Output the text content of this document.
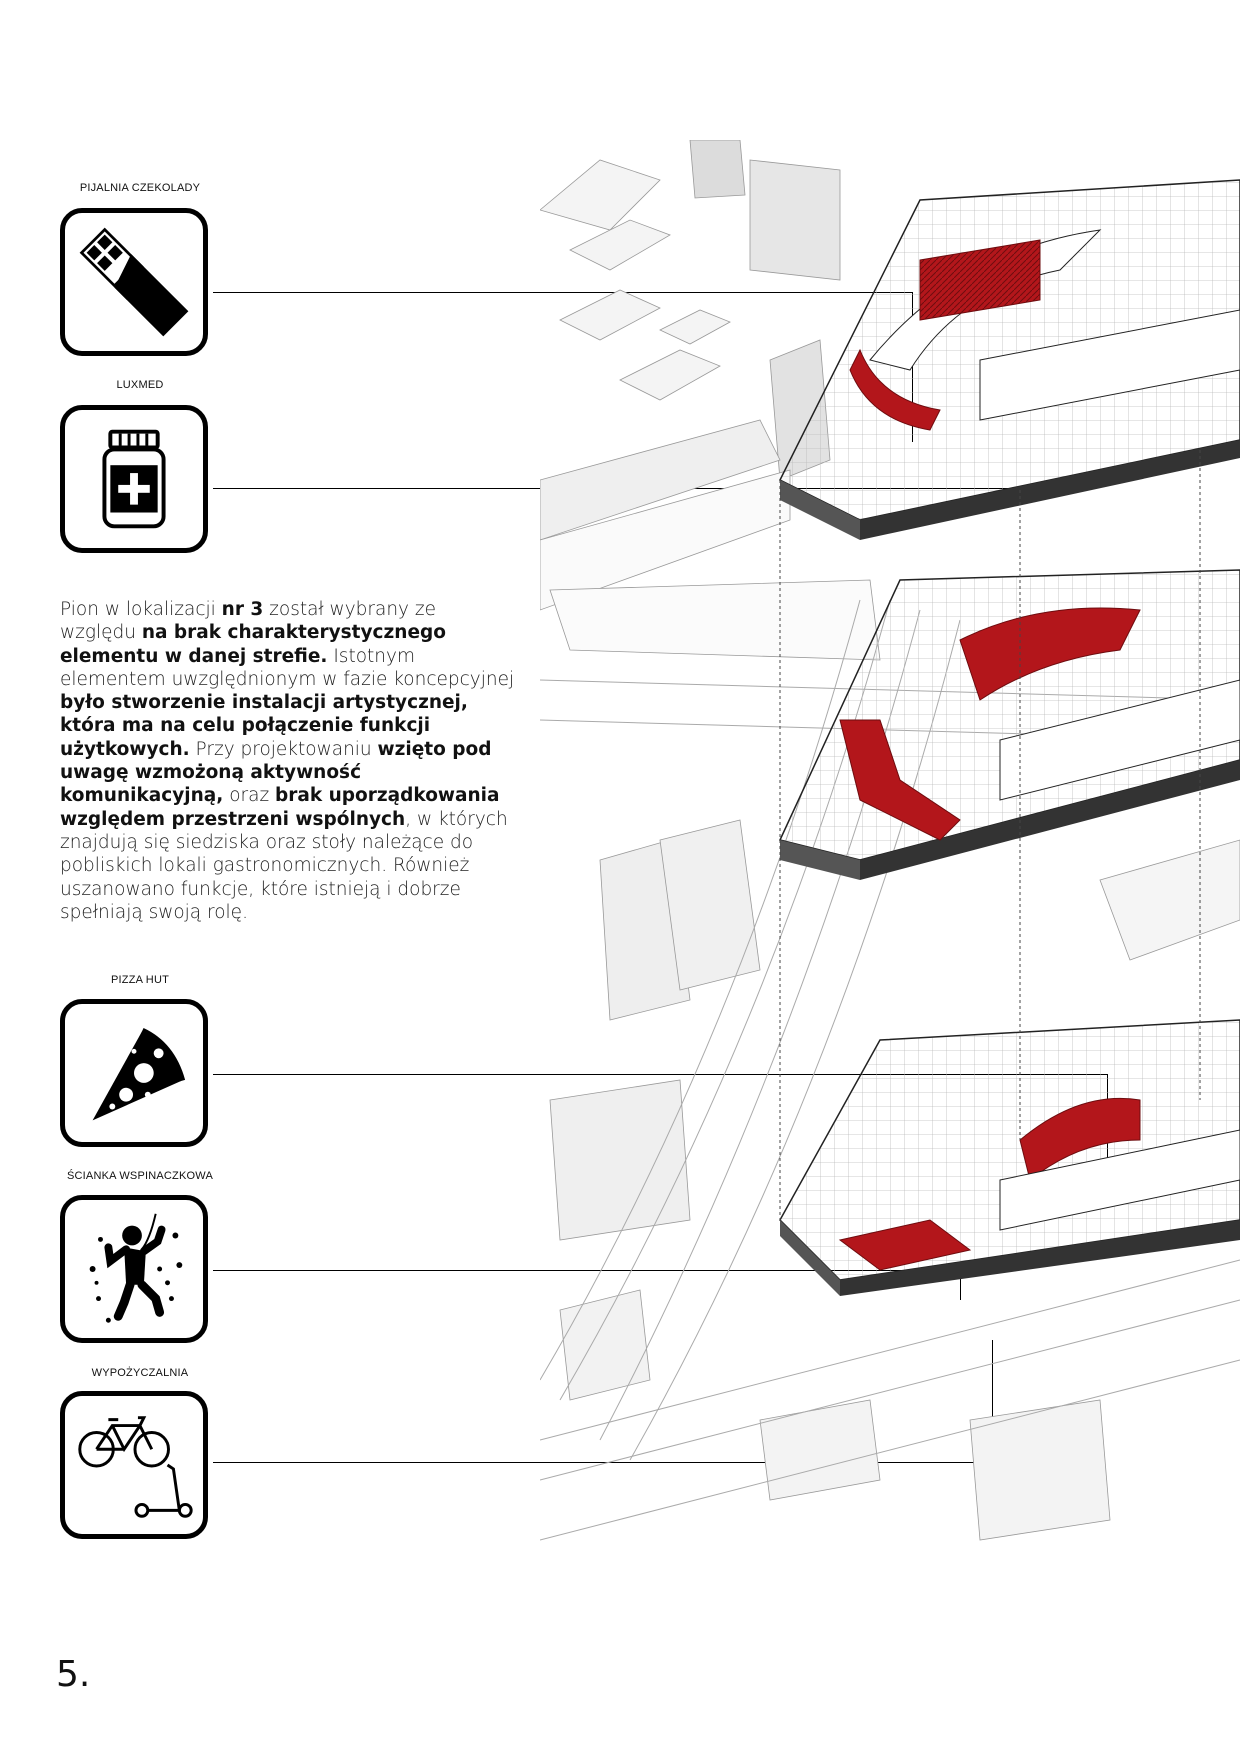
PIJALNIA CZEKOLADY
LUXMED
PIZZA HUT
ŚCIANKA WSPINACZKOWA
WYPOŻYCZALNIA
Pion w lokalizacji nr 3 został wybrany ze względu na brak charakterystycznego elementu w danej strefie. Istotnym elementem uwzględnionym w fazie koncepcyjnej było stworzenie instalacji artystycznej, która ma na celu połączenie funkcji użytkowych. Przy projektowaniu wzięto pod uwagę wzmożoną aktywność komunikacyjną, oraz brak uporządkowania względem przestrzeni wspólnych, w których znajdują się siedziska oraz stoły należące do pobliskich lokali gastronomicznych. Również uszanowano funkcje, które istnieją i dobrze spełniają swoją rolę.
5.
